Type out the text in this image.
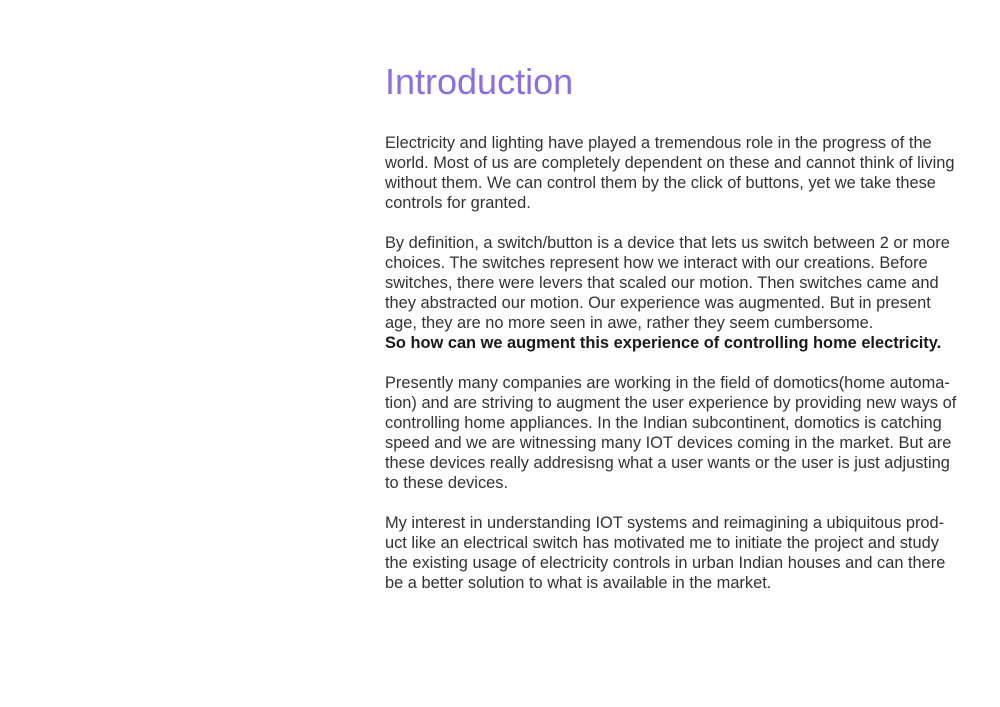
Introduction

Electricity and lighting have played a tremendous role in the progress of the
world. Most of us are completely dependent on these and cannot think of living
without them. We can control them by the click of buttons, yet we take these
controls for granted.

By definition, a switch/button is a device that lets us switch between 2 or more
choices. The switches represent how we interact with our creations. Before
switches, there were levers that scaled our motion. Then switches came and
they abstracted our motion. Our experience was augmented. But in present
age, they are no more seen in awe, rather they seem cumbersome.
So how can we augment this experience of controlling home electricity.

Presently many companies are working in the field of domotics(home automa-
tion) and are striving to augment the user experience by providing new ways of
controlling home appliances. In the Indian subcontinent, domotics is catching
speed and we are witnessing many IOT devices coming in the market. But are
these devices really addresisng what a user wants or the user is just adjusting
to these devices.

My interest in understanding IOT systems and reimagining a ubiquitous prod-
uct like an electrical switch has motivated me to initiate the project and study
the existing usage of electricity controls in urban Indian houses and can there
be a better solution to what is available in the market.
